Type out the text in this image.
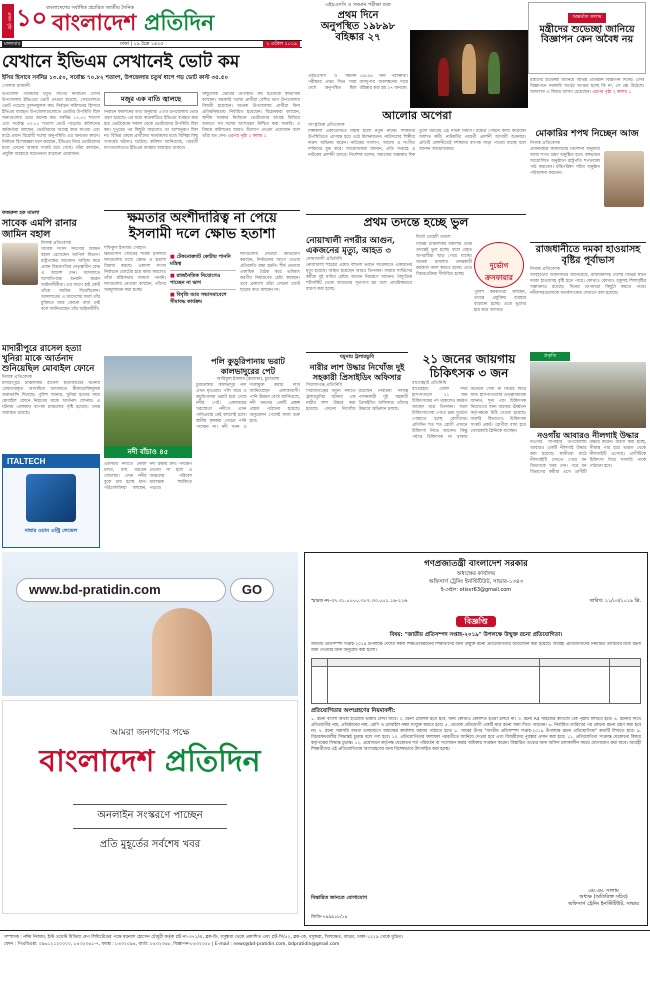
প্রথম পৃষ্ঠা ১০
বাংলাদেশের সর্বাধিক প্রচারিত জাতীয় দৈনিক
বাংলাদেশ প্রতিদিন
এইচএসসি ও সমমান পরীক্ষা শুরু
প্রথম দিনে
অনুপস্থিত ১৯৮৯৮
বহিষ্কার ২৭
মঙ্গলবার	ঢাকা | ১৯ চৈত্র ১৪২৫	২ এপ্রিল ২০১৯
অন্তর্ঘাত কলাম
মন্ত্রীদের শুভেচ্ছা জানিয়ে বিজ্ঞাপন কেন অবৈধ নয়
যেখানে ইভিএম সেখানেই ভোট কম
ইসির হিসাবে সর্বনিম্ন ১৩.৫০, সর্বোচ্চ ৭০.৮২ শতাংশ, উপজেলার চতুর্থ ধাপে গড় ভোট কাস্ট ৩৫.৫০
গোলাম রাব্বানী
উপজেলা পরিষদের চতুর্থ ধাপের নির্বাচনে যেসব উপজেলায় ইভিএমে ভোট নেওয়া হয়েছে, সেগুলোতে ভোট পড়েছে তুলনামূলক কম। নির্বাচন কমিশনের হিসাবে ইভিএম ব্যবহৃত উপজেলাগুলোতে ভোটার উপস্থিতি ছিল অন্যগুলোর চেয়ে অনেক কম। সর্বনিম্ন ১৩.৫০ শতাংশ এবং সর্বোচ্চ ৭০.৮২ শতাংশ ভোট পড়েছে। কমিশনের কর্মকর্তারা বলছেন, ভোটারদের আগ্রহ কমে যাওয়া এবং মাঠে প্রধান বিরোধী দলের অনুপস্থিতি এর অন্যতম কারণ। নির্বাচন বিশেষজ্ঞরা মনে করছেন, ইভিএম নিয়ে ভোটারদের মধ্যে এখনো আস্থার সংকট রয়ে গেছে। তাঁরা বলছেন, প্রযুক্তি ব্যবহারে সচেতনতা বাড়ানো প্রয়োজন।
মজুর এক বাতি জ্বালছে
নির্বাচন কমিশনের তথ্য অনুযায়ী ৫০টি উপজেলায় ভোট গ্রহণ হয়েছে। এর মধ্যে কয়েকটিতে ইভিএম ব্যবহার করা হয়। ভোটকেন্দ্রে সকাল থেকে ভোটারদের উপস্থিতি ছিল কম। দুপুরের পর কিছুটা বাড়লেও তা আশানুরূপ ছিল না। বিভিন্ন কেন্দ্রে প্রার্থীদের সমর্থকদের মধ্যে বিচ্ছিন্ন কিছু সংঘর্ষের ঘটনাও ঘটেছে। কমিশন জানিয়েছে, পরবর্তী ধাপগুলোতেও ইভিএম ব্যবহার অব্যাহত থাকবে।
কিছুলোক ভোটার উপস্থিতি কম হওয়াকে স্বাভাবিক বলছেন। সরকারি দলের প্রার্থীরা বেশির ভাগ উপজেলায় বিজয়ী হয়েছেন। অনেক উপজেলায় প্রার্থীরা বিনা প্রতিদ্বন্দ্বিতায় নির্বাচিত হয়েছেন। বিশ্লেষকরা বলছেন, স্থানীয় সরকার নির্বাচনে ভোটারদের আগ্রহ ফিরিয়ে আনতে সব দলের অংশগ্রহণ নিশ্চিত করা জরুরি। এ বিষয়ে কমিশনের আরও উদ্যোগ নেওয়া প্রয়োজন বলে তাঁরা মত দেন। এরপর পৃষ্ঠা ২ কলাম ১
আলোর অপেরা
সাংস্কৃতিক প্রতিবেদক
শিল্পকলা একাডেমিতে মঞ্চস্থ হলো নতুন নাটক। দর্শকদের উপস্থিতিতে প্রাণবন্ত হয়ে ওঠে মিলনায়তন। নাট্যদলের শিল্পীরা দারুণ অভিনয় করেন। নাটকের সংলাপ, আলো ও সংগীত দর্শকদের মুগ্ধ করে। আয়োজকরা জানান, প্রতি সপ্তাহে এ নাটকের প্রদর্শনী চলবে। নির্দেশক বলেন, সমাজের অন্ধকার দিক তুলে ধরতেই এই নাটক নির্মাণ। মঞ্চের পেছনে কাজ করেছেন অর্ধশত কর্মী। নাটকটির পরবর্তী প্রদর্শনী আগামী শুক্রবার। প্রতিটি প্রদর্শনীতেই দর্শকদের ব্যাপক সাড়া পাওয়া যাচ্ছে বলে জানান আয়োজকরা।
এইচএসসি ও সমমান পরীক্ষার প্রথম দিনে সারা দেশে অনুপস্থিত ছিল ১৯৮৯৮ জন পরীক্ষার্থী। অসদুপায় অবলম্বনের দায়ে বহিষ্কার করা হয় ২৭ জনকে।
মন্ত্রীদের শুভেচ্ছা জানিয়ে বিভিন্ন প্রতিষ্ঠান বিজ্ঞাপন দিচ্ছে। এসব বিজ্ঞাপনে সরকারি অর্থের অপচয় হচ্ছে কি না, সে প্রশ্ন উঠেছে। আদালত এ বিষয়ে ব্যাখ্যা চেয়েছেন। এরপর পৃষ্ঠা ২ কলাম ১
মোকারির শপথ নিচ্ছেন আজ
নিজস্ব প্রতিবেদক
প্রধানমন্ত্রীর কার্যালয়ের নির্দেশনা অনুযায়ী আজ শপথ গ্রহণ অনুষ্ঠিত হবে। বঙ্গভবনে আয়োজিত অনুষ্ঠানে রাষ্ট্রপতি শপথবাক্য পাঠ করাবেন। মন্ত্রিপরিষদ সচিব অনুষ্ঠান পরিচালনা করবেন।
ফজরুল হক মামলা
সাবেক এমপি রানার জামিন বহাল
নিজস্ব প্রতিবেদক
সাবেক সংসদ সদস্যের জামিন বহাল রেখেছেন আপিল বিভাগ। রাষ্ট্রপক্ষের আবেদন খারিজ করে প্রধান বিচারপতির নেতৃত্বাধীন বেঞ্চ এ আদেশ দেন। আদালতে আসামিপক্ষে শুনানি করেন আইনজীবীরা। এর আগে হাই কোর্ট তাঁকে জামিন দিয়েছিলেন। আদালতের এ আদেশের ফলে তাঁর মুক্তিতে আর কোনো বাধা নেই বলে জানিয়েছেন তাঁর আইনজীবী।
মাদারীপুরে রাসেল হত্যা খুনিরা মাকে আর্তনাদ শুনিয়েছিল মোবাইল ফোনে
নিজস্ব প্রতিবেদক
মাদারীপুরে চাঞ্চল্যকর রাসেল হত্যাকাণ্ডের ঘটনায় গ্রেফতারকৃত আসামিরা আদালতে স্বীকারোক্তিমূলক জবানবন্দি দিয়েছে। পুলিশ জানায়, খুনিরা হত্যার সময় মোবাইল ফোনে নিহতের মাকে আর্তনাদ শোনায়। এ ঘটনায় এলাকায় ব্যাপক চাঞ্চল্যের সৃষ্টি হয়েছে। তদন্ত অব্যাহত রয়েছে।
ITALTECH
নাম্বার ওয়ান এন্ট্রি লেভেল
ক্ষমতার অংশীদারিত্ব না পেয়ে
ইসলামী দলে ক্ষোভ হতাশা
শফিকুল ইসলাম সোহাগ
ক্ষমতাসীন জোটের শরিক ইসলামী দলগুলোর মধ্যে ক্ষোভ ও হতাশা বিরাজ করছে। একাদশ সংসদ নির্বাচনে জোটের হয়ে কাজ করলেও তাঁরা মন্ত্রিসভায় জায়গা পাননি। দলগুলোর নেতারা বলছেন, তাঁদের অবমূল্যায়ন করা হচ্ছে।
■ টেকনোক্র্যাট কোটায় পাননি মন্ত্রিত্ব
■ রাজনৈতিক নিয়োগেও পাচ্ছেন না ভাগ
■ বিবৃতি আর সভাসমাবেশে সীমাবদ্ধ কার্যক্রম
দলগুলোর নেতারা অভিযোগ করছেন, নির্বাচনের আগে দেওয়া প্রতিশ্রুতি রক্ষা হয়নি। শীর্ষ নেতারা একাধিক বৈঠক করে ভবিষ্যৎ করণীয় নির্ধারণের চেষ্টা করছেন। তবে প্রকাশ্যে তাঁরা এখনো জোট ছাড়ার কথা বলছেন না।
নদী বাঁচাও ৪৫
পলি কুড়ুরিপানায় ভরাট কালভাদুরের পেট
আরিফুল ইসলাম (রমজান), চুয়াডাঙ্গা
চুয়াডাঙ্গার কালভাদুর নদী এখন মৃতপ্রায়। পলি জমে ও কচুরিপানায় ভরাট হয়ে গেছে নদীর পেট। একসময়ের খরস্রোতা নদীতে এখন পানিপ্রবাহ নেই বললেই চলে। স্থানীয় কৃষকরা সেচের পানি পাচ্ছেন না। নদী খনন ও দখলমুক্ত করার দাবি জানিয়েছেন এলাকাবাসী। পানি উন্নয়ন বোর্ড জানিয়েছে, নদী খননের একটি প্রকল্প প্রস্তাব পাঠানো হয়েছে। অনুমোদন পেলেই কাজ শুরু হবে।
একসময় নদীতে নৌকা চলত, মাছ ধরতেন জেলেরা। এখন নদীর বুকে চাষ হচ্ছে ধান। পরিবেশবিদরা বলছেন, নদী রক্ষায় দ্রুত পদক্ষেপ নেওয়া না হলে এ অঞ্চলের পরিবেশ মারাত্মক হুমকিতে পড়বে।
প্রথম তদন্তে হচ্ছে ভুল
মির্জা মেহেদী তমাল
বিভিন্ন চাঞ্চল্যকর মামলার প্রথম তদন্তেই ভুল হচ্ছে। ফলে প্রকৃত অপরাধীরা ছাড় পেয়ে যাচ্ছে। অনেক মামলায় তদন্তকারী কর্মকর্তা বদল করতে হচ্ছে। এতে বিচারপ্রক্রিয়া দীর্ঘায়িত হচ্ছে।
দুর্ভোগ ক্রসফায়ার
পুলিশ কর্মকর্তারা বলছেন, তদন্তে প্রযুক্তির ব্যবহার বাড়ানো হচ্ছে। এতে ভুলের হার কমে আসবে।
নোয়াখালী নগরীর আগুন, একজনের মৃত্যু, আহত ৩
নোয়াখালী প্রতিনিধি
নোয়াখালী শহরের একটি বহুতল ভবনে অগ্নিকাণ্ডে একজনের মৃত্যু হয়েছে। আহত হয়েছেন আরও তিনজন। ফায়ার সার্ভিসের কর্মীরা দুই ঘণ্টার চেষ্টায় আগুন নিয়ন্ত্রণে আনেন। বৈদ্যুতিক শর্টসার্কিট থেকে আগুনের সূত্রপাত হয় বলে প্রাথমিকভাবে ধারণা করা হচ্ছে।
যমুনায় ট্রলারডুবি
নারীর লাশ উদ্ধার নিখোঁজ দুই সহকারী প্রিসাইডিং অফিসার
সিরাজগঞ্জ প্রতিনিধি
সিরাজগঞ্জের যমুনা নদীতে ট্রলারডুবির ঘটনায় এক নারীর লাশ উদ্ধার করা হয়েছে। এখনো নিখোঁজ রয়েছেন নির্বাচনী দায়িত্ব পালনকারী দুই সহকারী প্রিসাইডিং অফিসার। তাঁদের উদ্ধারে অভিযান চলছে।
২১ জনের জায়গায় চিকিৎসক ৩ জন
বাগেরহাট প্রতিনিধি
বাগেরহাট জেলা সদর হাসপাতালে ২১ জন চিকিৎসকের পদ থাকলেও কর্মরত আছেন মাত্র তিনজন। ফলে চিকিৎসাসেবা পেতে চরম দুর্ভোগ পোহাতে হচ্ছে রোগীদের। প্রতিদিন শত শত রোগী এখানে চিকিৎসা নিতে আসেন। কিন্তু পর্যাপ্ত চিকিৎসক না থাকায় অনেকে সেবা না নিয়েই ফিরে যান। হাসপাতালের তত্ত্বাবধায়ক জানান, শূন্য পদে চিকিৎসক নিয়োগের জন্য বারবার ঊর্ধ্বতন কর্তৃপক্ষকে চিঠি দেওয়া হয়েছে। জরুরি বিভাগেও চিকিৎসক সংকট প্রকট। রোগীরা বাধ্য হয়ে বেসরকারি ক্লিনিকে যাচ্ছেন।
রাজধানীতে দমকা হাওয়াসহ বৃষ্টির পূর্বাভাস
নিজস্ব প্রতিবেদক
আবহাওয়া অধিদফতর জানিয়েছে, রাজধানীসহ দেশের বিভিন্ন স্থানে দমকা হাওয়াসহ বৃষ্টি হতে পারে। কোথাও কোথাও বজ্রসহ শিলাবৃষ্টির সম্ভাবনাও রয়েছে। দিনের তাপমাত্রা কিছুটা কমতে পারে। নদীবন্দরগুলোকে সতর্কসংকেত দেখাতে বলা হয়েছে।
প্রকৃতি
নওগাঁয় আবারও নীলগাই উদ্ধার
নওগাঁর সাপাহার উপজেলায় আবারও একটি নীলগাই উদ্ধার করা হয়েছে। স্থানীয়রা মাঠে নীলগাইটি দেখতে পেয়ে বন বিভাগকে খবর দেন। পরে বন বিভাগের কর্মীরা এসে প্রাণীটি উদ্ধার করেন। ধারণা করা হচ্ছে, সীমান্ত পার হয়ে ভারত থেকে নীলগাইটি এসেছে। প্রাণীটিকে চিকিৎসা দিয়ে সাফারি পার্কে পাঠানো হবে।
www.bd-pratidin.com	GO
আমরা জনগণের পক্ষে
বাংলাদেশ প্রতিদিন
অনলাইন সংস্করণে পাচ্ছেন
প্রতি মুহূর্তের সর্বশেষ খবর
গণপ্রজাতন্ত্রী বাংলাদেশ সরকার
অধ্যক্ষের কার্যালয়
অফিসার্স ট্রেনিং ইনস্টিটিউট, সাভার-১৩৪৩
ই-মেইল: otisvr63@gmail.com
স্মারক নং-৩৭.৩১.০০০০.৩০৭.৩৩.০০১.১৯-২১৬	তারিখ: ২১/০৩/২০১৯ খ্রি.
বিজ্ঞপ্তি
বিষয়: "জাতীয় প্রতিসম্পদ সপ্তাহ-২০১৯" উপলক্ষে উন্মুক্ত রচনা প্রতিযোগিতা।
জাতীয় প্রতিসম্পদ সপ্তাহ-২০১৯ উপলক্ষে দেশের সকল শিক্ষাপ্রতিষ্ঠানের শিক্ষার্থীদের জন্য উন্মুক্ত রচনা প্রতিযোগিতার আয়োজন করা হয়েছে। আগ্রহী প্রতিযোগীদের নির্ধারিত তারিখের মধ্যে রচনা জমা দেওয়ার জন্য অনুরোধ করা হলো।
প্রতিযোগিতার অংশগ্রহণের নিয়মাবলী:
১. রচনা বাংলা অথবা ইংরেজি ভাষায় লেখা যাবে। ২. রচনা মৌলিক হতে হবে, অন্য কোথাও প্রকাশিত হওয়া চলবে না। ৩. রচনা A4 সাইজের কাগজে এক পৃষ্ঠায় লিখতে হবে। ৪. রচনার সাথে প্রতিযোগীর নাম, প্রতিষ্ঠানের নাম, শ্রেণি ও মোবাইল নম্বর সংযুক্ত করতে হবে। ৫. প্রত্যেক প্রতিযোগী একটি মাত্র রচনা জমা দিতে পারবেন। ৬. নির্ধারিত তারিখের পর কোনো রচনা গ্রহণ করা হবে না। ৭. রচনা সরাসরি অথবা ডাকযোগে অধ্যক্ষের কার্যালয় বরাবর পাঠাতে হবে। ৮. খামের উপর "জাতীয় প্রতিসম্পদ সপ্তাহ-২০১৯ উপলক্ষে রচনা প্রতিযোগিতা" কথাটি লিখতে হবে। ৯. বিচারকমণ্ডলীর সিদ্ধান্তই চূড়ান্ত বলে গণ্য হবে। ১০. প্রতিযোগিতার ফলাফল পরবর্তীতে জানিয়ে দেওয়া হবে এবং বিজয়ীদের পুরস্কার প্রদান করা হবে। ১১. প্রতিযোগিতা সংক্রান্ত যেকোনো বিষয়ে কর্তৃপক্ষের সিদ্ধান্ত চূড়ান্ত। ১২. প্রয়োজনে কর্তৃপক্ষ যেকোনো শর্ত পরিবর্তন বা সংশোধন করার অধিকার সংরক্ষণ করেন। বিস্তারিত তথ্যের জন্য অফিস চলাকালীন সময়ে যোগাযোগ করা যাবে। আগ্রহী শিক্ষার্থীদের এই প্রতিযোগিতায় অংশগ্রহণের জন্য বিশেষভাবে উৎসাহিত করা হচ্ছে।
বিস্তারিত জানতে যোগাযোগ
এম.এম. সালাম
অধ্যক্ষ (অতিরিক্ত সচিব)
অফিসার্স ট্রেনিং ইনস্টিটিউট, সাভার
জিডি-৭৯৯৯১৮/১৯
সম্পাদক : নঈম নিজাম, ইস্ট ওয়েস্ট মিডিয়া গ্রুপ লিমিটেডের পক্ষে ময়নাল হোসেন চৌধুরী কর্তৃক প্লট নং-৩৭১/এ, ব্লক-ডি, বসুন্ধরা থেকে প্রকাশিত এবং প্লট-সি/৫২, ব্লক-কে, বসুন্ধরা, খিলক্ষেত, বাড্ডা, ঢাকা-১২২৯ থেকে মুদ্রিত।
ফোন : পিএবিএক্স: ০৯৬১২১২০০০০, ৮৪৩২৩৬১-৭, ফ্যাক্স : ৮৪৩২০৯৪, বার্তা: ৮৪৩২৩৬৮, বিজ্ঞাপন-৮৪৩২৩৫৮ | E-mail : news@bd-pratidin.com, bdpratidin@gmail.com
